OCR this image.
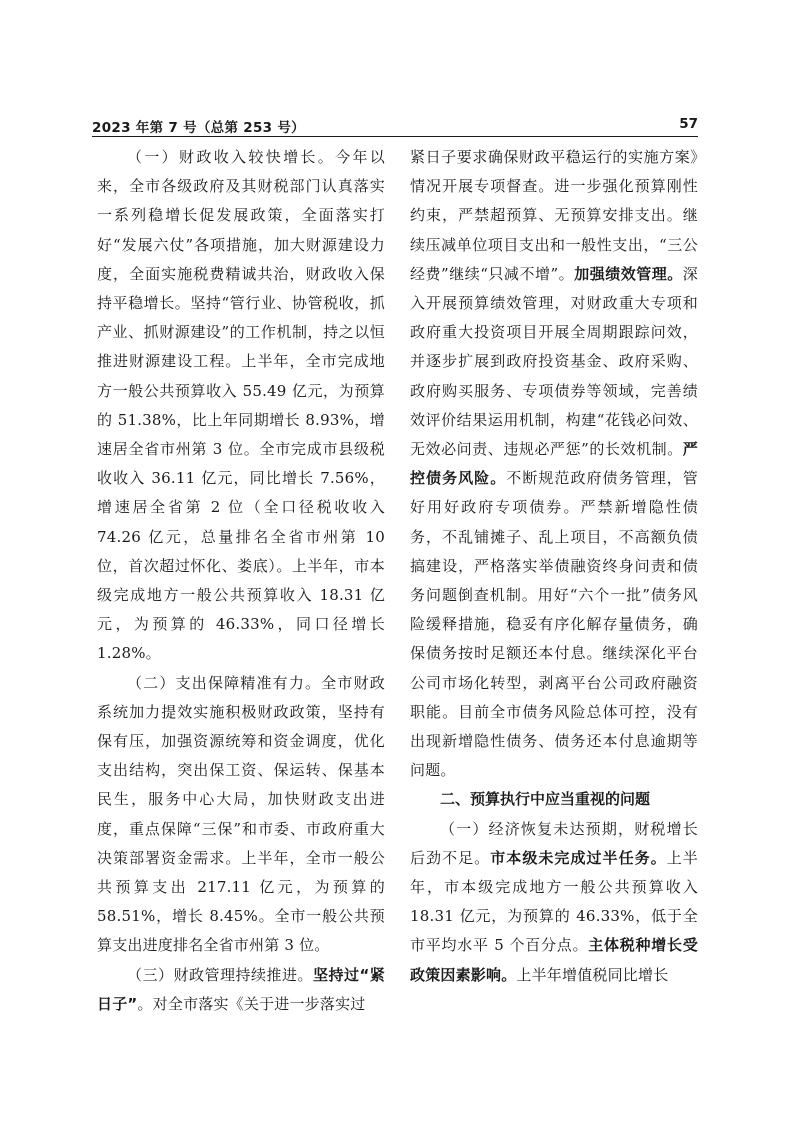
2023 年第 7 号（总第 253 号）	57

（一）财政收入较快增长。今年以来，全市各级政府及其财税部门认真落实一系列稳增长促发展政策，全面落实打好“发展六仗”各项措施，加大财源建设力度，全面实施税费精诚共治，财政收入保持平稳增长。坚持“管行业、协管税收，抓产业、抓财源建设”的工作机制，持之以恒推进财源建设工程。上半年，全市完成地方一般公共预算收入 55.49 亿元，为预算的 51.38%，比上年同期增长 8.93%，增速居全省市州第 3 位。全市完成市县级税收收入 36.11 亿元，同比增长 7.56%，增速居全省第 2 位（全口径税收收入 74.26 亿元，总量排名全省市州第 10 位，首次超过怀化、娄底）。上半年，市本级完成地方一般公共预算收入 18.31 亿元，为预算的 46.33%，同口径增长 1.28%。

（二）支出保障精准有力。全市财政系统加力提效实施积极财政政策，坚持有保有压，加强资源统筹和资金调度，优化支出结构，突出保工资、保运转、保基本民生，服务中心大局，加快财政支出进度，重点保障“三保”和市委、市政府重大决策部署资金需求。上半年，全市一般公共预算支出 217.11 亿元，为预算的 58.51%，增长 8.45%。全市一般公共预算支出进度排名全省市州第 3 位。

（三）财政管理持续推进。坚持过“紧日子”。对全市落实《关于进一步落实过

紧日子要求确保财政平稳运行的实施方案》情况开展专项督查。进一步强化预算刚性约束，严禁超预算、无预算安排支出。继续压减单位项目支出和一般性支出，“三公经费”继续“只减不增”。加强绩效管理。深入开展预算绩效管理，对财政重大专项和政府重大投资项目开展全周期跟踪问效，并逐步扩展到政府投资基金、政府采购、政府购买服务、专项债券等领域，完善绩效评价结果运用机制，构建“花钱必问效、无效必问责、违规必严惩”的长效机制。严控债务风险。不断规范政府债务管理，管好用好政府专项债券。严禁新增隐性债务，不乱铺摊子、乱上项目，不高额负债搞建设，严格落实举债融资终身问责和债务问题倒查机制。用好“六个一批”债务风险缓释措施，稳妥有序化解存量债务，确保债务按时足额还本付息。继续深化平台公司市场化转型，剥离平台公司政府融资职能。目前全市债务风险总体可控，没有出现新增隐性债务、债务还本付息逾期等问题。

二、预算执行中应当重视的问题

（一）经济恢复未达预期，财税增长后劲不足。市本级未完成过半任务。上半年，市本级完成地方一般公共预算收入 18.31 亿元，为预算的 46.33%，低于全市平均水平 5 个百分点。主体税种增长受政策因素影响。上半年增值税同比增长
